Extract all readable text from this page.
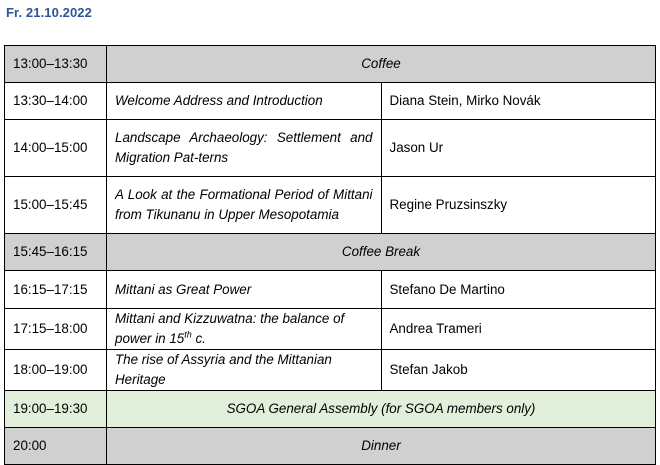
Fr. 21.10.2022
13:00–13:30	Coffee	
13:30–14:00	Welcome Address and Introduction	Diana Stein, Mirko Novák
14:00–15:00	Landscape Archaeology: Settlement and Migration Pat-terns	Jason Ur
15:00–15:45	A Look at the Formational Period of Mittani from Tikunanu in Upper Mesopotamia	Regine Pruzsinszky
15:45–16:15	Coffee Break	
16:15–17:15	Mittani as Great Power	Stefano De Martino
17:15–18:00	Mittani and Kizzuwatna: the balance of power in 15th c.	Andrea Trameri
18:00–19:00	The rise of Assyria and the Mittanian Heritage	Stefan Jakob
19:00–19:30	SGOA General Assembly (for SGOA members only)	
20:00	Dinner	
